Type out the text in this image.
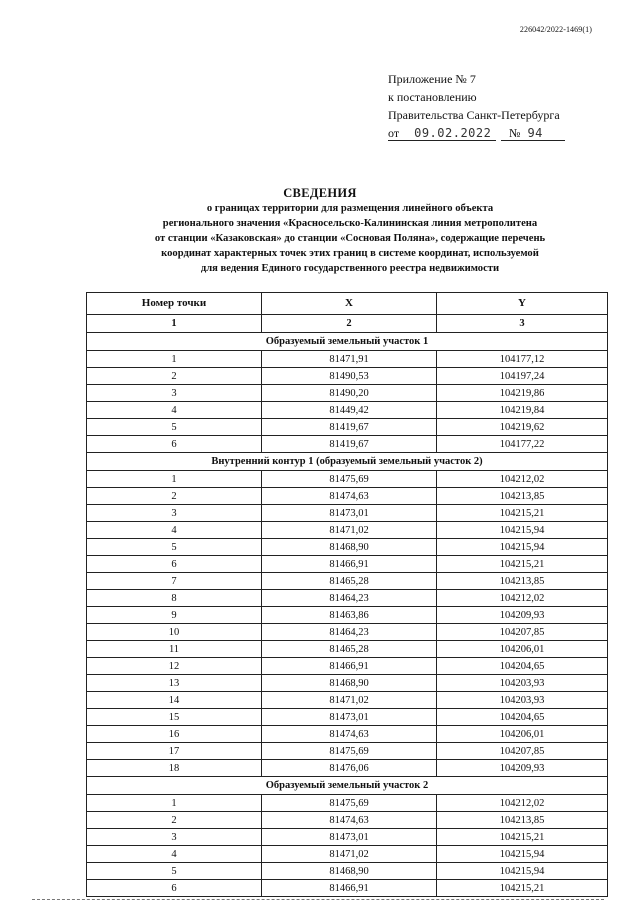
226042/2022-1469(1)
Приложение № 7
к постановлению
Правительства Санкт-Петербурга
от 09.02.2022 № 94
СВЕДЕНИЯ
о границах территории для размещения линейного объекта
регионального значения «Красносельско-Калининская линия метрополитена
от станции «Казаковская» до станции «Сосновая Поляна», содержащие перечень
координат характерных точек этих границ в системе координат, используемой
для ведения Единого государственного реестра недвижимости
Номер точки	X	Y
1	2	3
Образуемый земельный участок 1		
1	81471,91	104177,12
2	81490,53	104197,24
3	81490,20	104219,86
4	81449,42	104219,84
5	81419,67	104219,62
6	81419,67	104177,22
Внутренний контур 1 (образуемый земельный участок 2)		
1	81475,69	104212,02
2	81474,63	104213,85
3	81473,01	104215,21
4	81471,02	104215,94
5	81468,90	104215,94
6	81466,91	104215,21
7	81465,28	104213,85
8	81464,23	104212,02
9	81463,86	104209,93
10	81464,23	104207,85
11	81465,28	104206,01
12	81466,91	104204,65
13	81468,90	104203,93
14	81471,02	104203,93
15	81473,01	104204,65
16	81474,63	104206,01
17	81475,69	104207,85
18	81476,06	104209,93
Образуемый земельный участок 2		
1	81475,69	104212,02
2	81474,63	104213,85
3	81473,01	104215,21
4	81471,02	104215,94
5	81468,90	104215,94
6	81466,91	104215,21
